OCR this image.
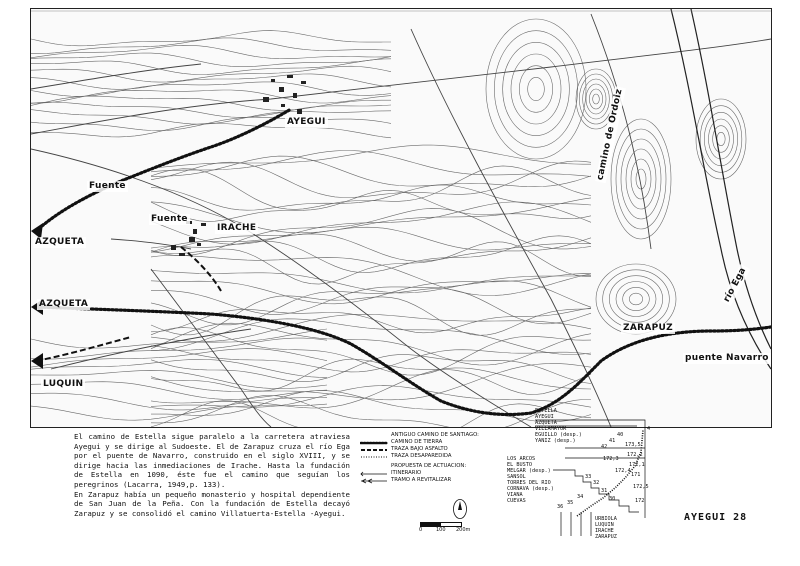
AYEGUI
IRACHE
Fuente
Fuente
AZQUETA
AZQUETA
LUQUIN
camino de Ordoiz
ZARAPUZ
río Ega
puente Navarro

El camino de Estella sigue paralelo a la carretera atraviesa Ayegui y se dirige al Sudoeste. El de Zarapuz cruza el río Ega por el puente de Navarro, construido en el siglo XVIII, y se dirige hacia las inmediaciones de Irache. Hasta la fundación de Estella en 1090, éste fue el camino que seguían los peregrinos (Lacarra, 1949,p. 133).

En Zarapuz había un pequeño monasterio y hospital dependiente de San Juan de la Peña. Con la fundación de Estella decayó Zarapuz y se consolidó el camino Villatuerta-Estella -Ayegui.

ANTIGUO CAMINO DE SANTIAGO:
CAMINO DE TIERRA
TRAZA BAJO ASFALTO
TRAZA DESAPAREDIDA
PROPUESTA DE ACTUACION:
ITINERARIO
TRAMO A REVITALIZAR
0	100 200m
ESTELLA
AYEGUI
AZQUETA
VILLAMAYOR
EGUILLO (desp.)
YANIZ (desp.)
LOS ARCOS
EL BUSTO
MELGAR (desp.)
SANSOL
TORRES DEL RIO
CORNAVA (desp.)
VIANA
CUEVAS
URBIOLA
LUQUIN
IRACHE
ZARAPUZ
173,5
172,2
172,1
172,4
172,3
172,5
171
172
30
31
32
33
34
35
36
40
41
42
4
AYEGUI 28
